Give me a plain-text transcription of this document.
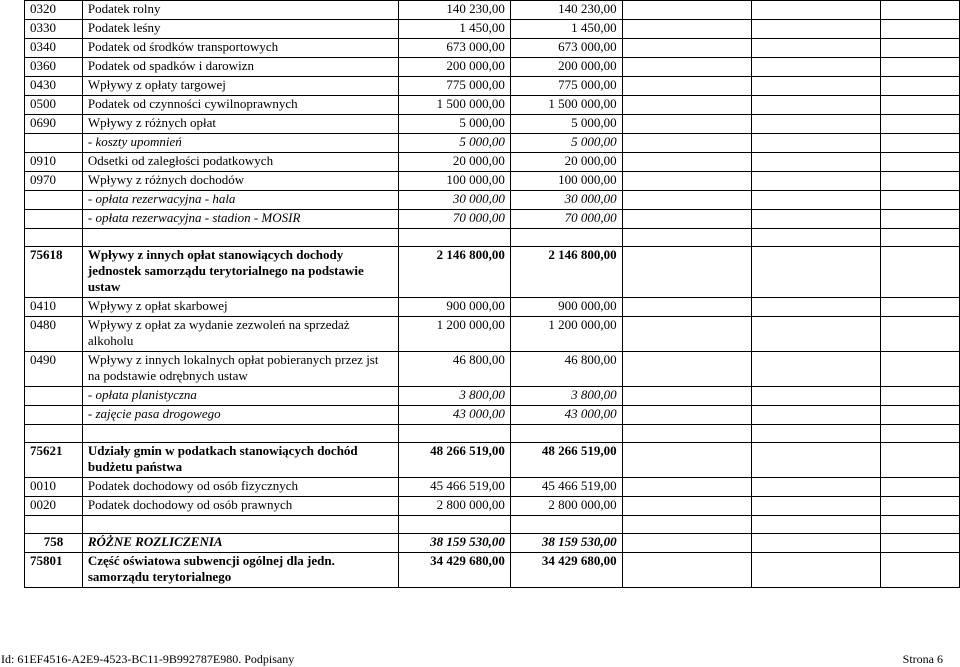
0320	Podatek rolny	140 230,00	140 230,00			
0330	Podatek leśny	1 450,00	1 450,00			
0340	Podatek od środków transportowych	673 000,00	673 000,00			
0360	Podatek od spadków i darowizn	200 000,00	200 000,00			
0430	Wpływy z opłaty targowej	775 000,00	775 000,00			
0500	Podatek od czynności cywilnoprawnych	1 500 000,00	1 500 000,00			
0690	Wpływy z różnych opłat	5 000,00	5 000,00			
	- koszty upomnień	5 000,00	5 000,00			
0910	Odsetki od zaległości podatkowych	20 000,00	20 000,00			
0970	Wpływy z różnych dochodów	100 000,00	100 000,00			
	- opłata rezerwacyjna - hala	30 000,00	30 000,00			
	- opłata rezerwacyjna - stadion - MOSIR	70 000,00	70 000,00			

75618	Wpływy z innych opłat stanowiących dochody jednostek samorządu terytorialnego na podstawie ustaw	2 146 800,00	2 146 800,00			
0410	Wpływy z opłat skarbowej	900 000,00	900 000,00			
0480	Wpływy z opłat za wydanie zezwoleń na sprzedaż alkoholu	1 200 000,00	1 200 000,00			
0490	Wpływy z innych lokalnych opłat pobieranych przez jst na podstawie odrębnych ustaw	46 800,00	46 800,00			
	- opłata planistyczna	3 800,00	3 800,00			
	- zajęcie pasa drogowego	43 000,00	43 000,00			

75621	Udziały gmin w podatkach stanowiących dochód budżetu państwa	48 266 519,00	48 266 519,00			
0010	Podatek dochodowy od osób fizycznych	45 466 519,00	45 466 519,00			
0020	Podatek dochodowy od osób prawnych	2 800 000,00	2 800 000,00			

758	RÓŻNE ROZLICZENIA	38 159 530,00	38 159 530,00			
75801	Część oświatowa subwencji ogólnej dla jedn. samorządu terytorialnego	34 429 680,00	34 429 680,00			
Id: 61EF4516-A2E9-4523-BC11-9B992787E980. Podpisany	Strona 6
